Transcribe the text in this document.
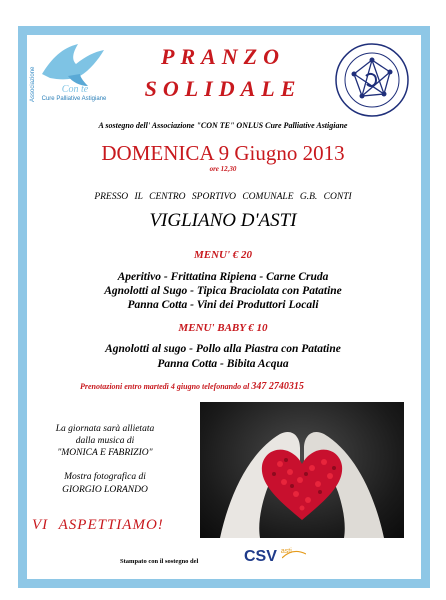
Associazione	Con te
Cure Palliative Astigiane
PRANZO
SOLIDALE
A sostegno dell' Associazione "CON TE" ONLUS Cure Palliative Astigiane
DOMENICA 9 Giugno 2013
ore 12,30
PRESSO IL CENTRO SPORTIVO COMUNALE G.B. CONTI
VIGLIANO D'ASTI
MENU' € 20
Aperitivo - Frittatina Ripiena - Carne Cruda
Agnolotti al Sugo - Tipica Braciolata con Patatine
Panna Cotta - Vini dei Produttori Locali
MENU' BABY € 10
Agnolotti al sugo - Pollo alla Piastra con Patatine
Panna Cotta - Bibita Acqua
Prenotazioni entro martedì 4 giugno telefonando al 347 2740315
La giornata sarà allietata
dalla musica di
"MONICA E FABRIZIO"
Mostra fotografica di
GIORGIO LORANDO
VI ASPETTIAMO!
Stampato con il sostegno del	CSV $^{asti}$
